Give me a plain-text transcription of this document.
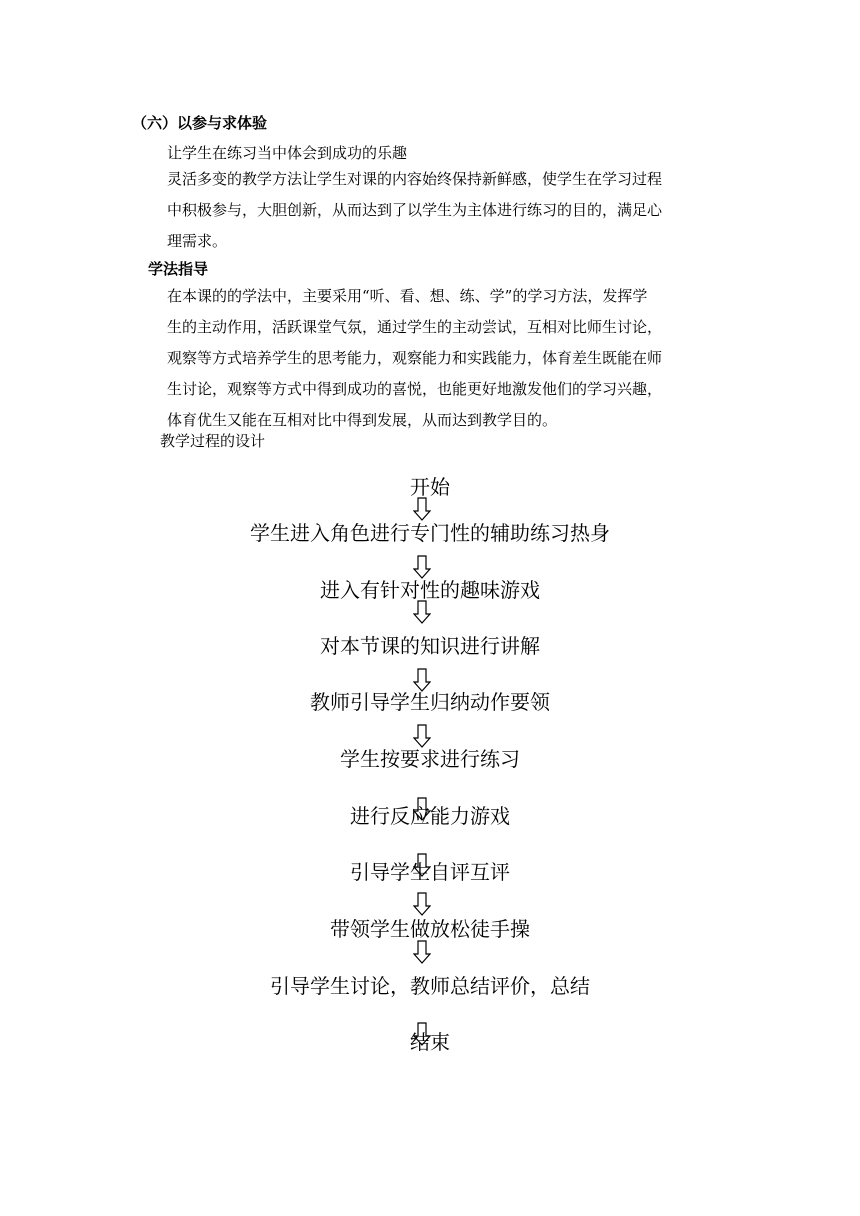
（六）以参与求体验
让学生在练习当中体会到成功的乐趣
灵活多变的教学方法让学生对课的内容始终保持新鲜感，使学生在学习过程
中积极参与，大胆创新，从而达到了以学生为主体进行练习的目的，满足心
理需求。
学法指导
在本课的的学法中，主要采用“听、看、想、练、学”的学习方法，发挥学
生的主动作用，活跃课堂气氛，通过学生的主动尝试，互相对比师生讨论，
观察等方式培养学生的思考能力，观察能力和实践能力，体育差生既能在师
生讨论，观察等方式中得到成功的喜悦，也能更好地激发他们的学习兴趣，
体育优生又能在互相对比中得到发展，从而达到教学目的。
教学过程的设计
开始
学生进入角色进行专门性的辅助练习热身
进入有针对性的趣味游戏
对本节课的知识进行讲解
教师引导学生归纳动作要领
学生按要求进行练习
进行反应能力游戏
引导学生自评互评
带领学生做放松徒手操
引导学生讨论，教师总结评价，总结
结束
